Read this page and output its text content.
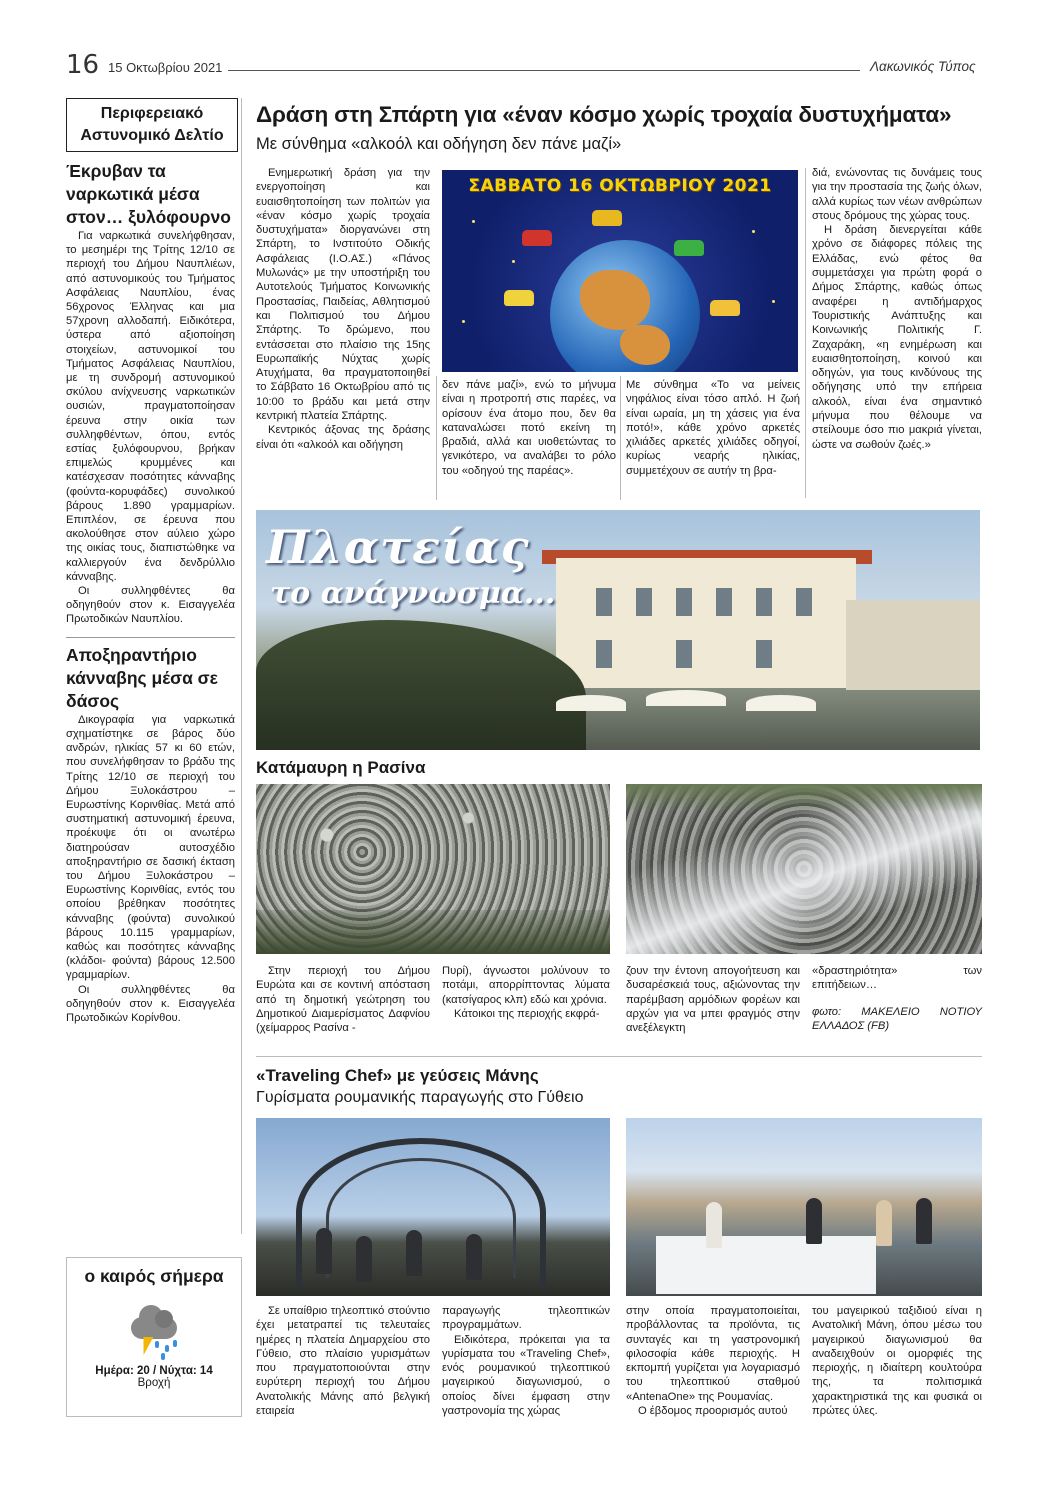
16 15 Οκτωβρίου 2021	Λακωνικός Τύπος
Περιφερειακό Αστυνομικό Δελτίο
Έκρυβαν τα ναρκωτικά μέσα στον… ξυλόφουρνο

Για ναρκωτικά συνελήφθησαν, το μεσημέρι της Τρίτης 12/10 σε περιοχή του Δήμου Ναυπλιέων, από αστυνομικούς του Τμήματος Ασφάλειας Ναυπλίου, ένας 56χρονος Έλληνας και μια 57χρονη αλλοδαπή. Ειδικότερα, ύστερα από αξιοποίηση στοιχείων, αστυνομικοί του Τμήματος Ασφάλειας Ναυπλίου, με τη συνδρομή αστυνομικού σκύλου ανίχνευσης ναρκωτικών ουσιών, πραγματοποίησαν έρευνα στην οικία των συλληφθέντων, όπου, εντός εστίας ξυλόφουρνου, βρήκαν επιμελώς κρυμμένες και κατέσχεσαν ποσότητες κάνναβης (φούντα-κορυφάδες) συνολικού βάρους 1.890 γραμμαρίων. Επιπλέον, σε έρευνα που ακολούθησε στον αύλειο χώρο της οικίας τους, διαπιστώθηκε να καλλιεργούν ένα δενδρύλλιο κάνναβης.

Οι συλληφθέντες θα οδηγηθούν στον κ. Εισαγγελέα Πρωτοδικών Ναυπλίου.

Αποξηραντήριο κάνναβης μέσα σε δάσος

Δικογραφία για ναρκωτικά σχηματίστηκε σε βάρος δύο ανδρών, ηλικίας 57 κι 60 ετών, που συνελήφθησαν το βράδυ της Τρίτης 12/10 σε περιοχή του Δήμου Ξυλοκάστρου – Ευρωστίνης Κορινθίας. Μετά από συστηματική αστυνομική έρευνα, προέκυψε ότι οι ανωτέρω διατηρούσαν αυτοσχέδιο αποξηραντήριο σε δασική έκταση του Δήμου Ξυλοκάστρου – Ευρωστίνης Κορινθίας, εντός του οποίου βρέθηκαν ποσότητες κάνναβης (φούντα) συνολικού βάρους 10.115 γραμμαρίων, καθώς και ποσότητες κάνναβης (κλάδοι- φούντα) βάρους 12.500 γραμμαρίων.

Οι συλληφθέντες θα οδηγηθούν στον κ. Εισαγγελέα Πρωτοδικών Κορίνθου.

ο καιρός σήμερα
Ημέρα: 20 / Νύχτα: 14
Βροχή
Δράση στη Σπάρτη για «έναν κόσμο χωρίς τροχαία δυστυχήματα»
Με σύνθημα «αλκοόλ και οδήγηση δεν πάνε μαζί»

Ενημερωτική δράση για την ενεργοποίηση και ευαισθητοποίηση των πολιτών για «έναν κόσμο χωρίς τροχαία δυστυχήματα» διοργανώνει στη Σπάρτη, το Ινστιτούτο Οδικής Ασφάλειας (Ι.Ο.ΑΣ.) «Πάνος Μυλωνάς» με την υποστήριξη του Αυτοτελούς Τμήματος Κοινωνικής Προστασίας, Παιδείας, Αθλητισμού και Πολιτισμού του Δήμου Σπάρτης. Το δρώμενο, που εντάσσεται στο πλαίσιο της 15ης Ευρωπαϊκής Νύχτας χωρίς Ατυχήματα, θα πραγματοποιηθεί το Σάββατο 16 Οκτωβρίου από τις 10:00 το βράδυ και μετά στην κεντρική πλατεία Σπάρτης.

Κεντρικός άξονας της δράσης είναι ότι «αλκοόλ και οδήγηση

ΣΑΒΒΑΤΟ 16 ΟΚΤΩΒΡΙΟΥ 2021

δεν πάνε μαζί», ενώ το μήνυμα είναι η προτροπή στις παρέες, να ορίσουν ένα άτομο που, δεν θα καταναλώσει ποτό εκείνη τη βραδιά, αλλά και υιοθετώντας το γενικότερο, να αναλάβει το ρόλο του «οδηγού της παρέας».

Με σύνθημα «Το να μείνεις νηφάλιος είναι τόσο απλό. Η ζωή είναι ωραία, μη τη χάσεις για ένα ποτό!», κάθε χρόνο αρκετές χιλιάδες αρκετές χιλιάδες οδηγοί, κυρίως νεαρής ηλικίας, συμμετέχουν σε αυτήν τη βρα-

διά, ενώνοντας τις δυνάμεις τους για την προστασία της ζωής όλων, αλλά κυρίως των νέων ανθρώπων στους δρόμους της χώρας τους.

Η δράση διενεργείται κάθε χρόνο σε διάφορες πόλεις της Ελλάδας, ενώ φέτος θα συμμετάσχει για πρώτη φορά ο Δήμος Σπάρτης, καθώς όπως αναφέρει η αντιδήμαρχος Τουριστικής Ανάπτυξης και Κοινωνικής Πολιτικής Γ. Ζαχαράκη, «η ενημέρωση και ευαισθητοποίηση, κοινού και οδηγών, για τους κινδύνους της οδήγησης υπό την επήρεια αλκοόλ, είναι ένα σημαντικό μήνυμα που θέλουμε να στείλουμε όσο πιο μακριά γίνεται, ώστε να σωθούν ζωές.»

Πλατείας
το ανάγνωσμα...
Κατάμαυρη η Ρασίνα

Στην περιοχή του Δήμου Ευρώτα και σε κοντινή απόσταση από τη δημοτική γεώτρηση του Δημοτικού Διαμερίσματος Δαφνίου (χείμαρρος Ρασίνα -

Πυρί), άγνωστοι μολύνουν το ποτάμι, απορρίπτοντας λύματα (κατσίγαρος κλπ) εδώ και χρόνια.

Κάτοικοι της περιοχής εκφρά-

ζουν την έντονη απογοήτευση και δυσαρέσκειά τους, αξιώνοντας την παρέμβαση αρμόδιων φορέων και αρχών για να μπει φραγμός στην ανεξέλεγκτη

«δραστηριότητα» των επιτήδειων…

φωτο: ΜΑΚΕΛΕΙΟ ΝΟΤΙΟΥ ΕΛΛΑΔΟΣ (FB)

«Traveling Chef» με γεύσεις Μάνης
Γυρίσματα ρουμανικής παραγωγής στο Γύθειο

Σε υπαίθριο τηλεοπτικό στούντιο έχει μετατραπεί τις τελευταίες ημέρες η πλατεία Δημαρχείου στο Γύθειο, στο πλαίσιο γυρισμάτων που πραγματοποιούνται στην ευρύτερη περιοχή του Δήμου Ανατολικής Μάνης από βελγική εταιρεία

παραγωγής τηλεοπτικών προγραμμάτων.

Ειδικότερα, πρόκειται για τα γυρίσματα του «Traveling Chef», ενός ρουμανικού τηλεοπτικού μαγειρικού διαγωνισμού, ο οποίος δίνει έμφαση στην γαστρονομία της χώρας

στην οποία πραγματοποιείται, προβάλλοντας τα προϊόντα, τις συνταγές και τη γαστρονομική φιλοσοφία κάθε περιοχής. Η εκπομπή γυρίζεται για λογαριασμό του τηλεοπτικού σταθμού «AntenaOne» της Ρουμανίας.

Ο έβδομος προορισμός αυτού

του μαγειρικού ταξιδιού είναι η Ανατολική Μάνη, όπου μέσω του μαγειρικού διαγωνισμού θα αναδειχθούν οι ομορφιές της περιοχής, η ιδιαίτερη κουλτούρα της, τα πολιτισμικά χαρακτηριστικά της και φυσικά οι πρώτες ύλες.
